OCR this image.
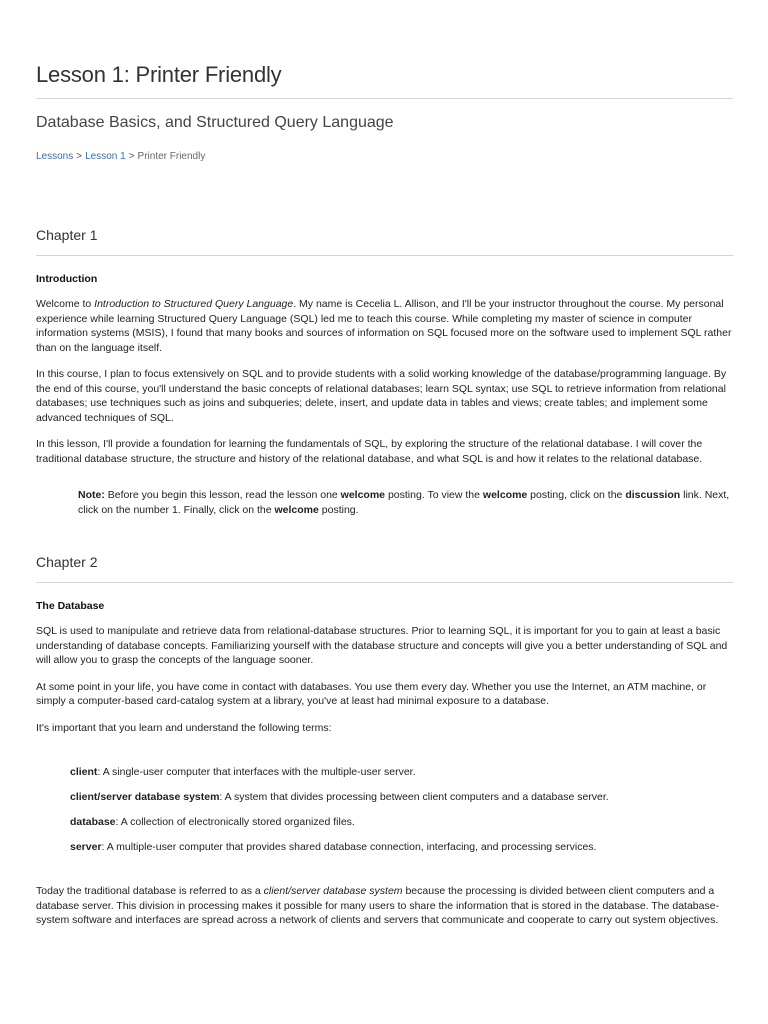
Lesson 1: Printer Friendly
Database Basics, and Structured Query Language
Lessons > Lesson 1 > Printer Friendly
Chapter 1
Introduction

Welcome to Introduction to Structured Query Language. My name is Cecelia L. Allison, and I'll be your instructor throughout the course. My personal experience while learning Structured Query Language (SQL) led me to teach this course. While completing my master of science in computer information systems (MSIS), I found that many books and sources of information on SQL focused more on the software used to implement SQL rather than on the language itself.

In this course, I plan to focus extensively on SQL and to provide students with a solid working knowledge of the database/programming language. By the end of this course, you'll understand the basic concepts of relational databases; learn SQL syntax; use SQL to retrieve information from relational databases; use techniques such as joins and subqueries; delete, insert, and update data in tables and views; create tables; and implement some advanced techniques of SQL.

In this lesson, I'll provide a foundation for learning the fundamentals of SQL, by exploring the structure of the relational database. I will cover the traditional database structure, the structure and history of the relational database, and what SQL is and how it relates to the relational database.

Note: Before you begin this lesson, read the lesson one welcome posting. To view the welcome posting, click on the discussion link. Next, click on the number 1. Finally, click on the welcome posting.

Chapter 2
The Database

SQL is used to manipulate and retrieve data from relational-database structures. Prior to learning SQL, it is important for you to gain at least a basic understanding of database concepts. Familiarizing yourself with the database structure and concepts will give you a better understanding of SQL and will allow you to grasp the concepts of the language sooner.

At some point in your life, you have come in contact with databases. You use them every day. Whether you use the Internet, an ATM machine, or simply a computer-based card-catalog system at a library, you've at least had minimal exposure to a database.

It's important that you learn and understand the following terms:

client: A single-user computer that interfaces with the multiple-user server.
client/server database system: A system that divides processing between client computers and a database server.
database: A collection of electronically stored organized files.
server: A multiple-user computer that provides shared database connection, interfacing, and processing services.

Today the traditional database is referred to as a client/server database system because the processing is divided between client computers and a database server. This division in processing makes it possible for many users to share the information that is stored in the database. The database-system software and interfaces are spread across a network of clients and servers that communicate and cooperate to carry out system objectives.
